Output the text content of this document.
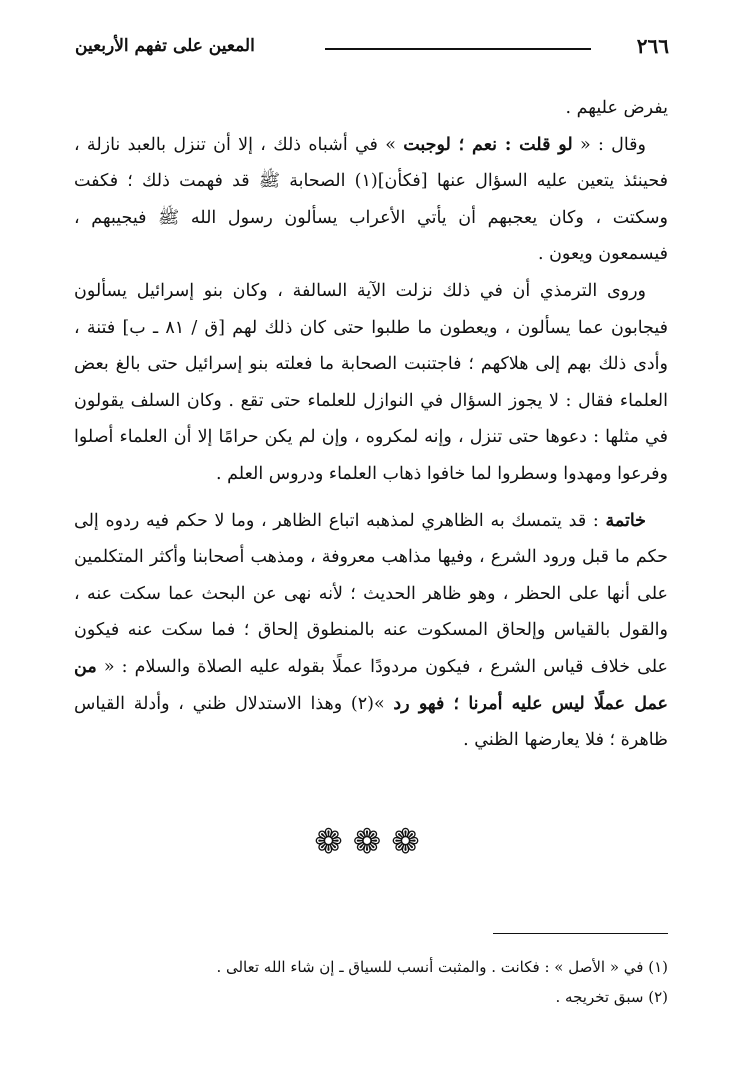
٢٦٦
المعين على تفهم الأربعين

يفرض عليهم .

وقال : « لو قلت : نعم ؛ لوجبت » في أشباه ذلك ، إلا أن تنزل بالعبد نازلة ، فحينئذ يتعين عليه السؤال عنها [فكأن](١) الصحابة ﷺ قد فهمت ذلك ؛ فكفت وسكتت ، وكان يعجبهم أن يأتي الأعراب يسألون رسول الله ﷺ فيجيبهم ، فيسمعون ويعون .

وروى الترمذي أن في ذلك نزلت الآية السالفة ، وكان بنو إسرائيل يسألون فيجابون عما يسألون ، ويعطون ما طلبوا حتى كان ذلك لهم [ق / ٨١ ـ ب] فتنة ، وأدى ذلك بهم إلى هلاكهم ؛ فاجتنبت الصحابة ما فعلته بنو إسرائيل حتى بالغ بعض العلماء فقال : لا يجوز السؤال في النوازل للعلماء حتى تقع . وكان السلف يقولون في مثلها : دعوها حتى تنزل ، وإنه لمكروه ، وإن لم يكن حرامًا إلا أن العلماء أصلوا وفرعوا ومهدوا وسطروا لما خافوا ذهاب العلماء ودروس العلم .

خاتمة : قد يتمسك به الظاهري لمذهبه اتباع الظاهر ، وما لا حكم فيه ردوه إلى حكم ما قبل ورود الشرع ، وفيها مذاهب معروفة ، ومذهب أصحابنا وأكثر المتكلمين على أنها على الحظر ، وهو ظاهر الحديث ؛ لأنه نهى عن البحث عما سكت عنه ، والقول بالقياس وإلحاق المسكوت عنه بالمنطوق إلحاق ؛ فما سكت عنه فيكون على خلاف قياس الشرع ، فيكون مردودًا عملًا بقوله عليه الصلاة والسلام : « من عمل عملًا ليس عليه أمرنا ؛ فهو رد »(٢) وهذا الاستدلال ظني ، وأدلة القياس ظاهرة ؛ فلا يعارضها الظني .

❁❁❁

(١) في « الأصل » : فكانت . والمثبت أنسب للسياق ـ إن شاء الله تعالى .

(٢) سبق تخريجه .
